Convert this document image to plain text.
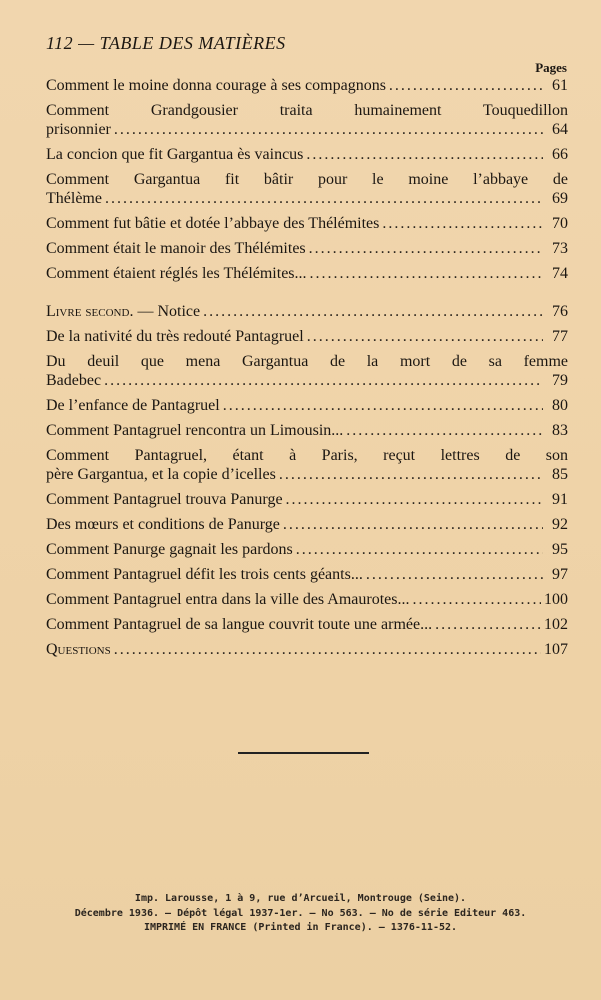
112 — TABLE DES MATIÈRES
Pages
Comment le moine donna courage à ses compagnons .....	61
Comment Grandgousier traita humainement Touquedillon
prisonnier .....	64
La concion que fit Gargantua ès vaincus .....	66
Comment Gargantua fit bâtir pour le moine l’abbaye de
Thélème .....	69
Comment fut bâtie et dotée l’abbaye des Thélémites .....	70
Comment était le manoir des Thélémites .....	73
Comment étaient réglés les Thélémites... .....	74
Livre second. — Notice .....	76
De la nativité du très redouté Pantagruel .....	77
Du deuil que mena Gargantua de la mort de sa femme
Badebec .....	79
De l’enfance de Pantagruel .....	80
Comment Pantagruel rencontra un Limousin... .....	83
Comment Pantagruel, étant à Paris, reçut lettres de son
père Gargantua, et la copie d’icelles .....	85
Comment Pantagruel trouva Panurge .....	91
Des mœurs et conditions de Panurge .....	92
Comment Panurge gagnait les pardons .....	95
Comment Pantagruel défit les trois cents géants... .....	97
Comment Pantagruel entra dans la ville des Amaurotes... .....	100
Comment Pantagruel de sa langue couvrit toute une armée... .....	102
Questions .....	107
Imp. Larousse, 1 à 9, rue d’Arcueil, Montrouge (Seine).
Décembre 1936. — Dépôt légal 1937-1er. — No 563. — No de série Editeur 463.
IMPRIMÉ EN FRANCE (Printed in France). — 1376-11-52.
